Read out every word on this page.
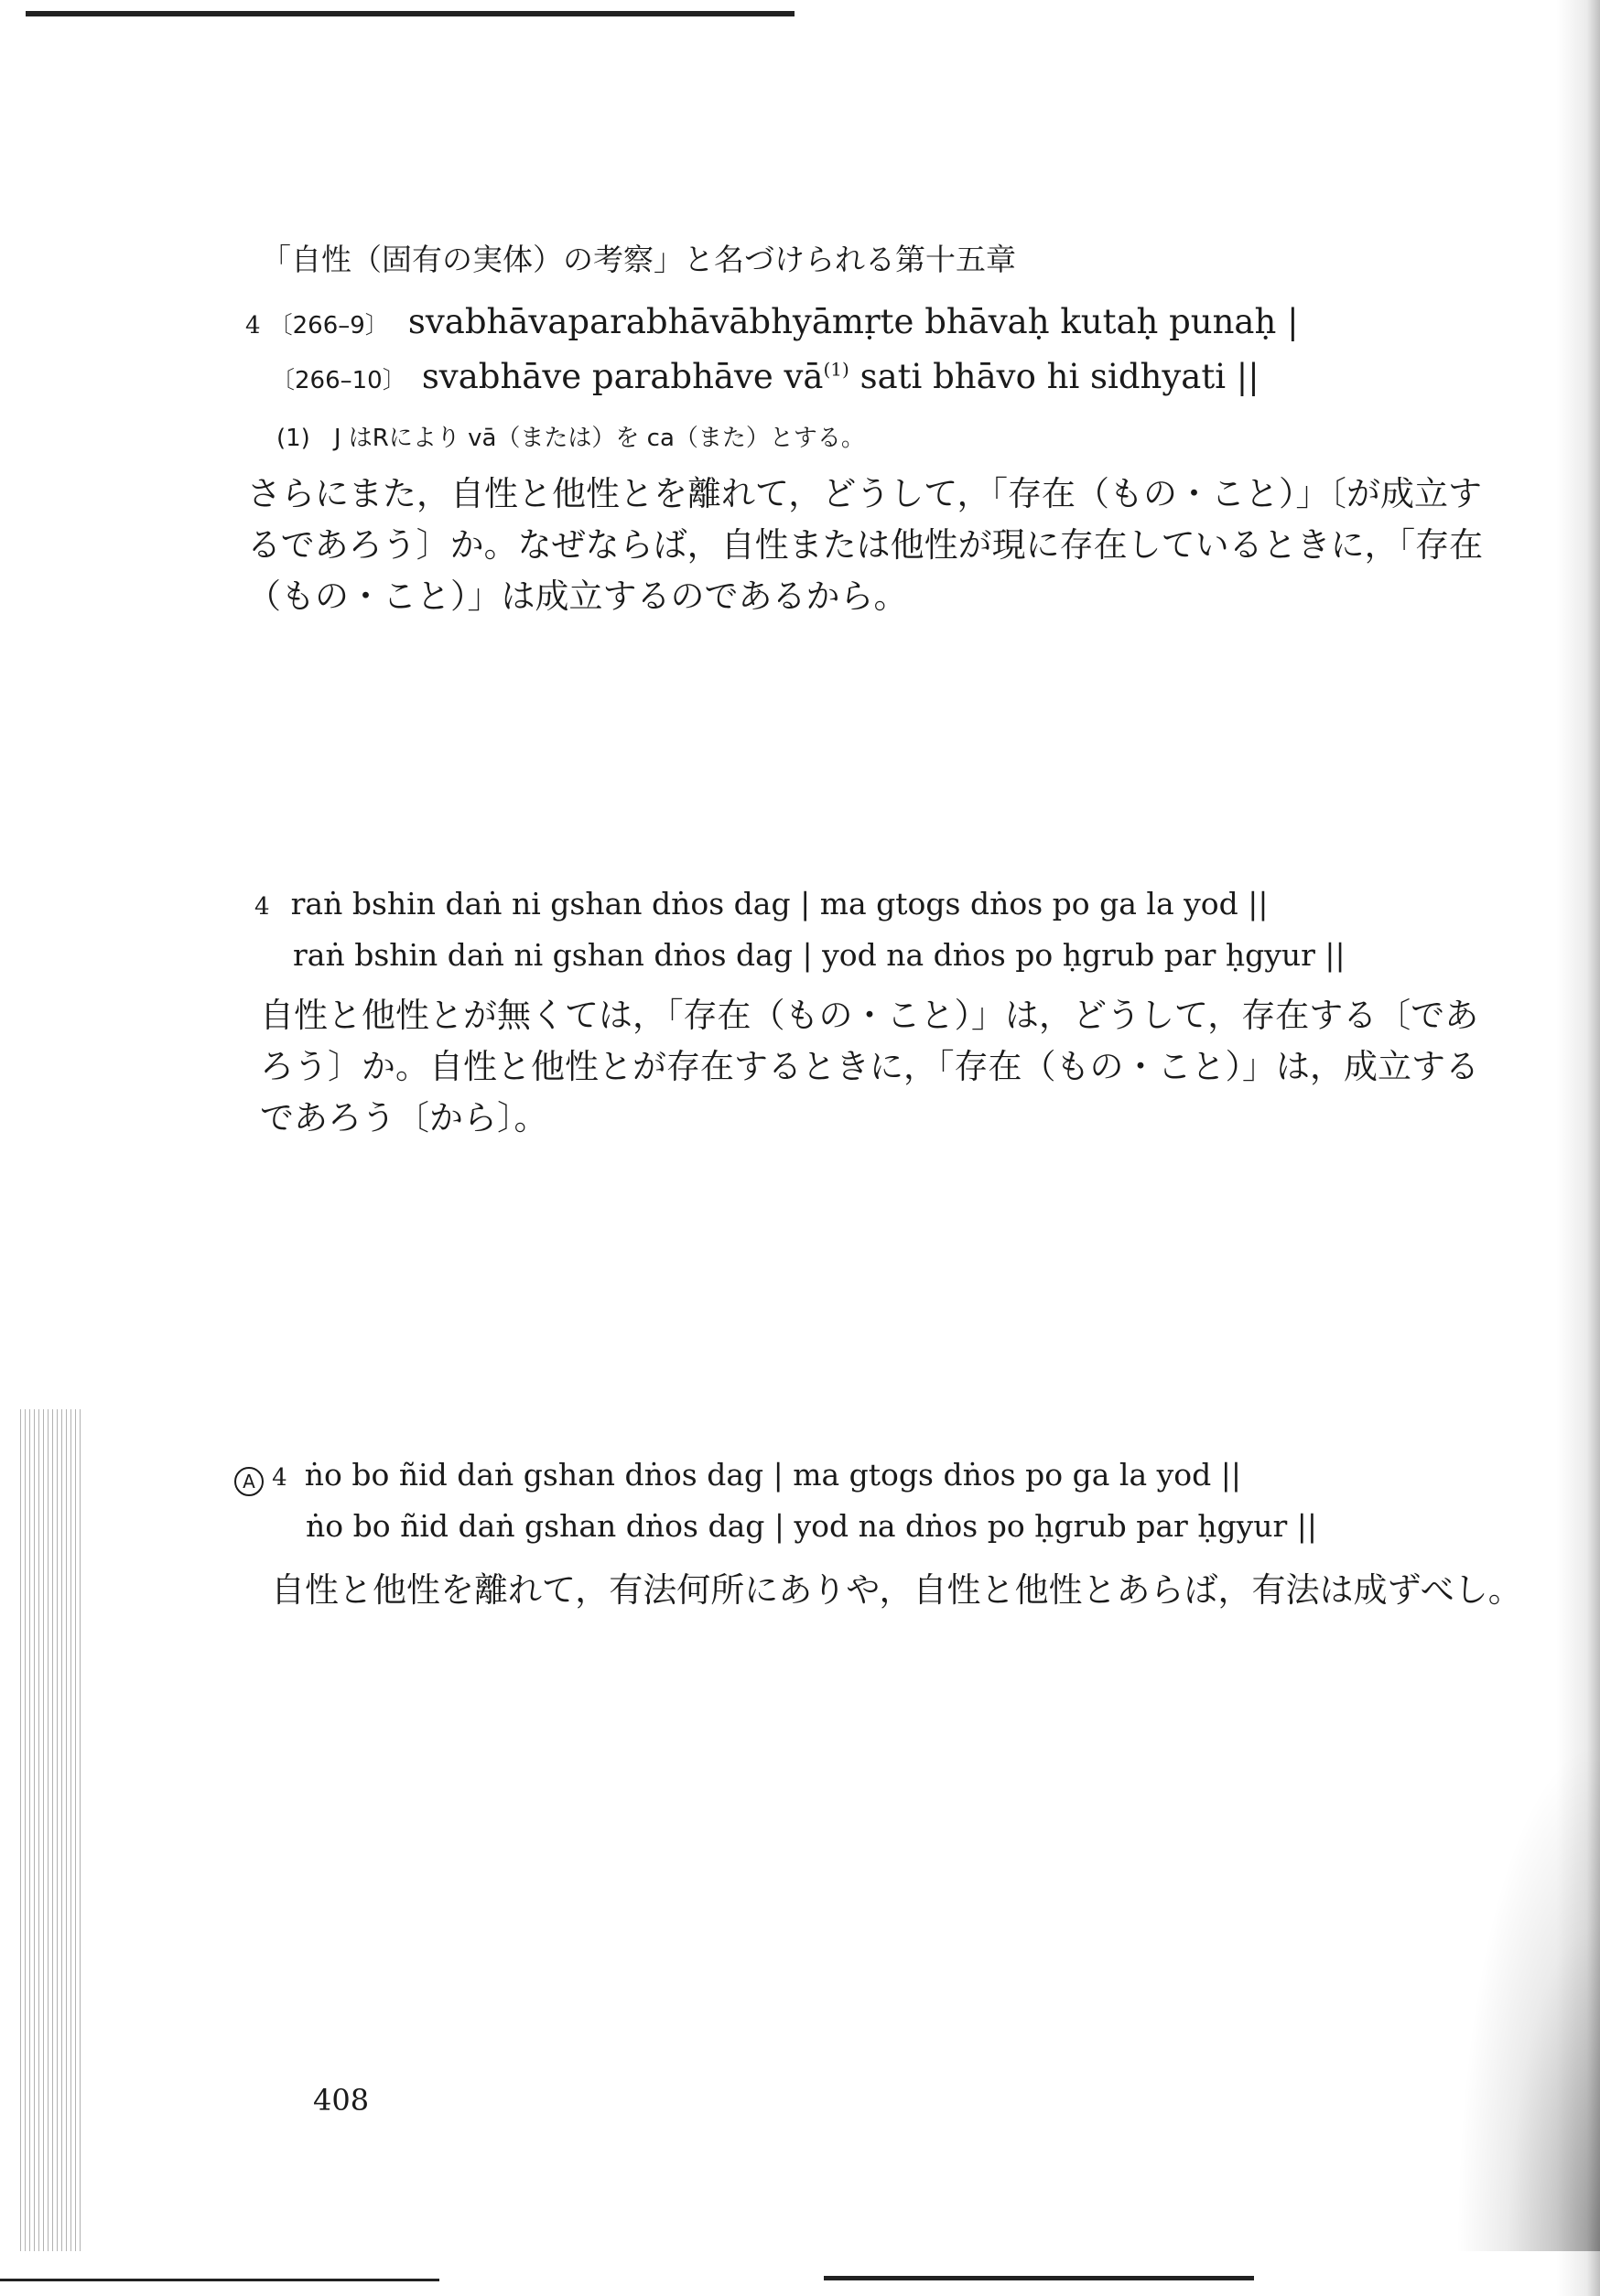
「自性（固有の実体）の考察」と名づけられる第十五章
4 〔266–9〕 svabhāvaparabhāvābhyāmṛte bhāvaḥ kutaḥ punaḥ |
〔266–10〕 svabhāve parabhāve vā$^{(1)}$ sati bhāvo hi sidhyati ||
(1)　J はRにより vā（または）を ca（また）とする。
さらにまた，自性と他性とを離れて，どうして，「存在（もの・こと）」〔が成立す
るであろう〕か。なぜならば，自性または他性が現に存在しているときに，「存在
（もの・こと）」は成立するのであるから。
4 raṅ bshin daṅ ni gshan dṅos dag | ma gtogs dṅos po ga la yod ||
raṅ bshin daṅ ni gshan dṅos dag | yod na dṅos po ḥgrub par ḥgyur ||
自性と他性とが無くては，「存在（もの・こと）」は，どうして，存在する〔であ
ろう〕か。自性と他性とが存在するときに，「存在（もの・こと）」は，成立する
であろう〔から〕。
A 4 ṅo bo ñid daṅ gshan dṅos dag | ma gtogs dṅos po ga la yod ||
ṅo bo ñid daṅ gshan dṅos dag | yod na dṅos po ḥgrub par ḥgyur ||
自性と他性を離れて，有法何所にありや，自性と他性とあらば，有法は成ずべし。
408
